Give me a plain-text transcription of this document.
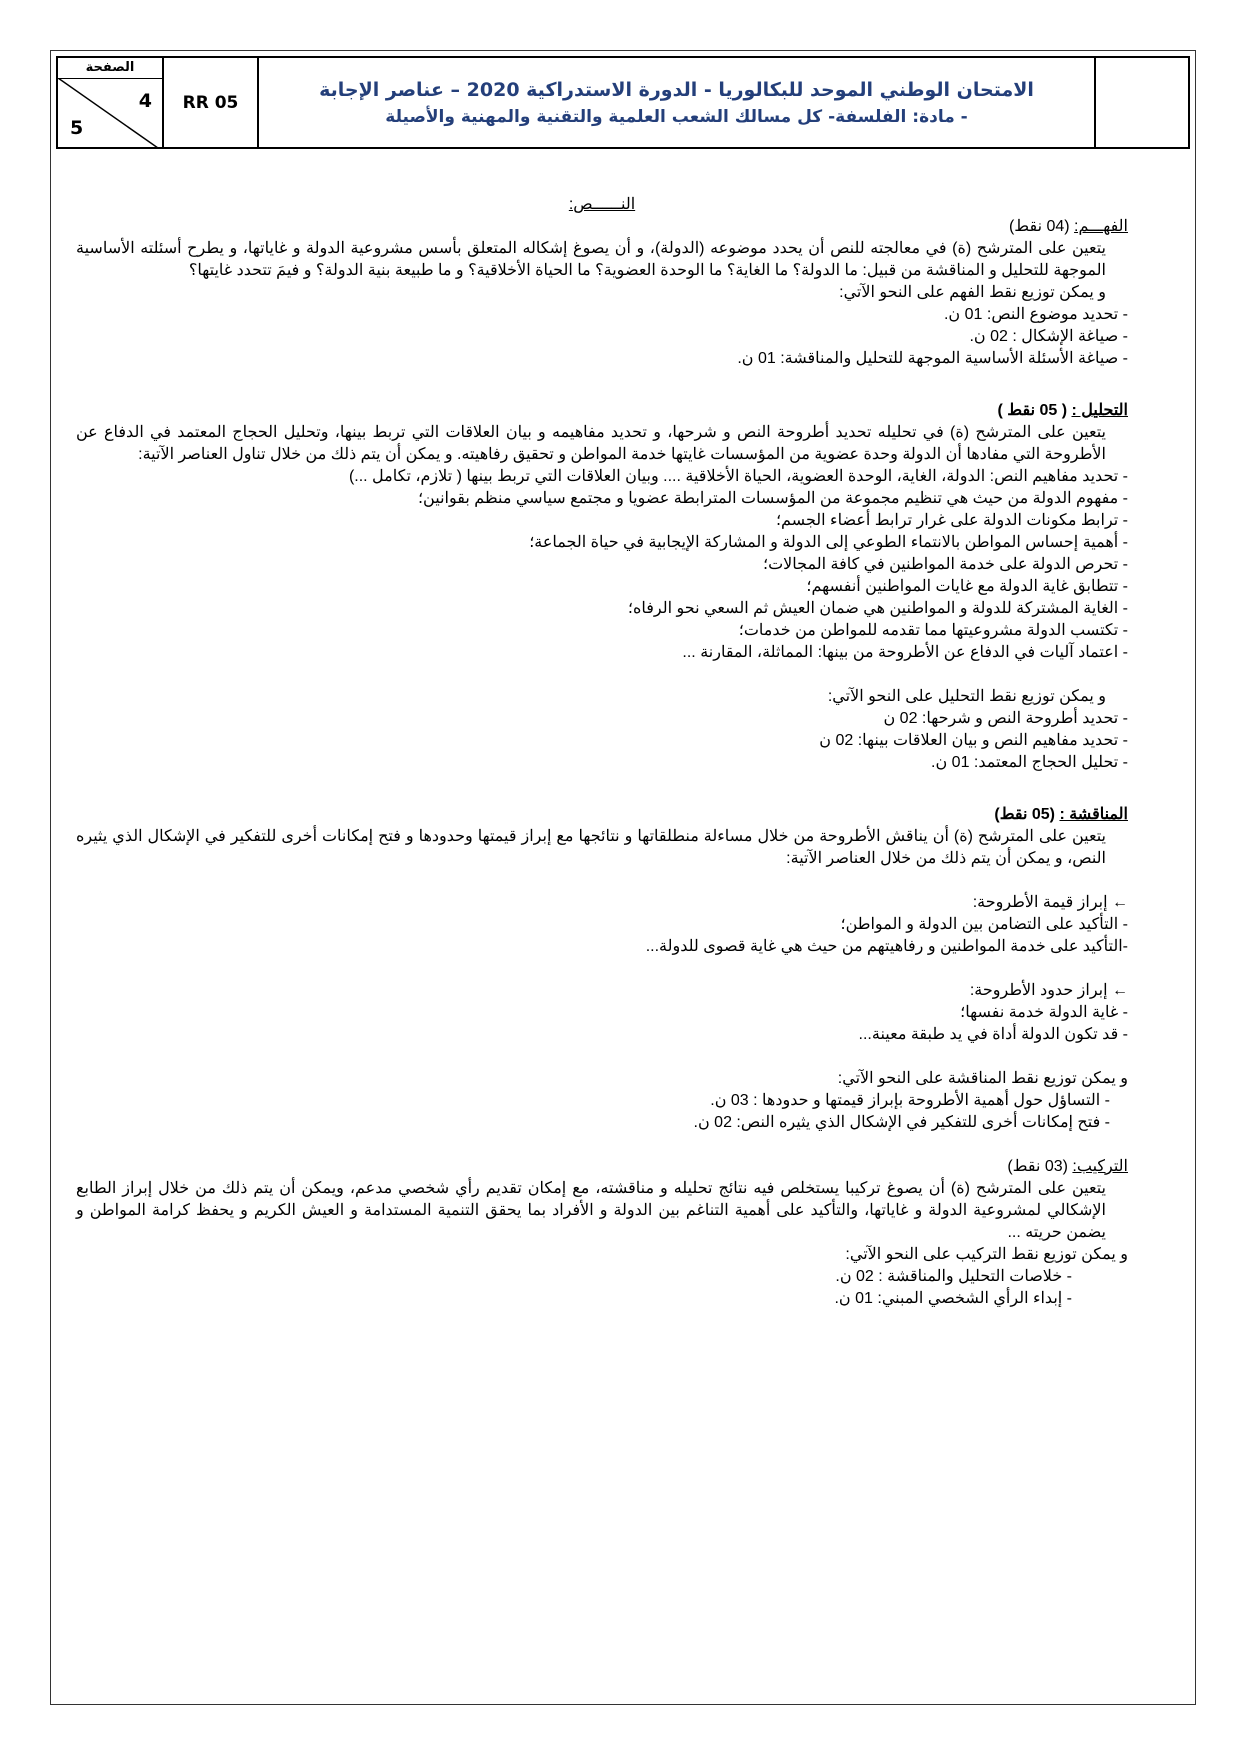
الصفحة
4
5
RR 05
الامتحان الوطني الموحد للبكالوريا - الدورة الاستدراكية 2020 – عناصر الإجابة
- مادة: الفلسفة- كل مسالك الشعب العلمية والتقنية والمهنية والأصيلة

النــــــص:

الفهـــم: (04 نقط)

يتعين على المترشح (ة) في معالجته للنص أن يحدد موضوعه (الدولة)، و أن يصوغ إشكاله المتعلق بأسس مشروعية الدولة و غاياتها، و يطرح أسئلته الأساسية الموجهة للتحليل و المناقشة من قبيل: ما الدولة؟ ما الغاية؟ ما الوحدة العضوية؟ ما الحياة الأخلاقية؟ و ما طبيعة بنية الدولة؟ و فيمَ تتحدد غايتها؟

و يمكن توزيع نقط الفهم على النحو الآتي:

- تحديد موضوع النص: 01 ن.

- صياغة الإشكال : 02 ن.

- صياغة الأسئلة الأساسية الموجهة للتحليل والمناقشة: 01 ن.

التحليل : ( 05 نقط )

يتعين على المترشح (ة) في تحليله تحديد أطروحة النص و شرحها، و تحديد مفاهيمه و بيان العلاقات التي تربط بينها، وتحليل الحجاج المعتمد في الدفاع عن الأطروحة التي مفادها أن الدولة وحدة عضوية من المؤسسات غايتها خدمة المواطن و تحقيق رفاهيته. و يمكن أن يتم ذلك من خلال تناول العناصر الآتية:

- تحديد مفاهيم النص: الدولة، الغاية، الوحدة العضوية، الحياة الأخلاقية .... وبيان العلاقات التي تربط بينها ( تلازم، تكامل ...)

- مفهوم الدولة من حيث هي تنظيم مجموعة من المؤسسات المترابطة عضويا و مجتمع سياسي منظم بقوانين؛

- ترابط مكونات الدولة على غرار ترابط أعضاء الجسم؛

- أهمية إحساس المواطن بالانتماء الطوعي إلى الدولة و المشاركة الإيجابية في حياة الجماعة؛

- تحرص الدولة على خدمة المواطنين في كافة المجالات؛

- تتطابق غاية الدولة مع غايات المواطنين أنفسهم؛

- الغاية المشتركة للدولة و المواطنين هي ضمان العيش ثم السعي نحو الرفاه؛

- تكتسب الدولة مشروعيتها مما تقدمه للمواطن من خدمات؛

- اعتماد آليات في الدفاع عن الأطروحة من بينها: المماثلة، المقارنة ...

و يمكن توزيع نقط التحليل على النحو الآتي:

- تحديد أطروحة النص و شرحها: 02 ن

- تحديد مفاهيم النص و بيان العلاقات بينها: 02 ن

- تحليل الحجاج المعتمد: 01 ن.

المناقشة : (05 نقط)

يتعين على المترشح (ة) أن يناقش الأطروحة من خلال مساءلة منطلقاتها و نتائجها مع إبراز قيمتها وحدودها و فتح إمكانات أخرى للتفكير في الإشكال الذي يثيره النص، و يمكن أن يتم ذلك من خلال العناصر الآتية:

← إبراز قيمة الأطروحة:

- التأكيد على التضامن بين الدولة و المواطن؛

-التأكيد على خدمة المواطنين و رفاهيتهم من حيث هي غاية قصوى للدولة...

← إبراز حدود الأطروحة:

- غاية الدولة خدمة نفسها؛

- قد تكون الدولة أداة في يد طبقة معينة...

و يمكن توزيع نقط المناقشة على النحو الآتي:

- التساؤل حول أهمية الأطروحة بإبراز قيمتها و حدودها : 03 ن.

- فتح إمكانات أخرى للتفكير في الإشكال الذي يثيره النص: 02 ن.

التركيب: (03 نقط)

يتعين على المترشح (ة) أن يصوغ تركيبا يستخلص فيه نتائج تحليله و مناقشته، مع إمكان تقديم رأي شخصي مدعم، ويمكن أن يتم ذلك من خلال إبراز الطابع الإشكالي لمشروعية الدولة و غاياتها، والتأكيد على أهمية التناغم بين الدولة و الأفراد بما يحقق التنمية المستدامة و العيش الكريم و يحفظ كرامة المواطن و يضمن حريته ...

و يمكن توزيع نقط التركيب على النحو الآتي:

- خلاصات التحليل والمناقشة : 02 ن.

- إبداء الرأي الشخصي المبني: 01 ن.
